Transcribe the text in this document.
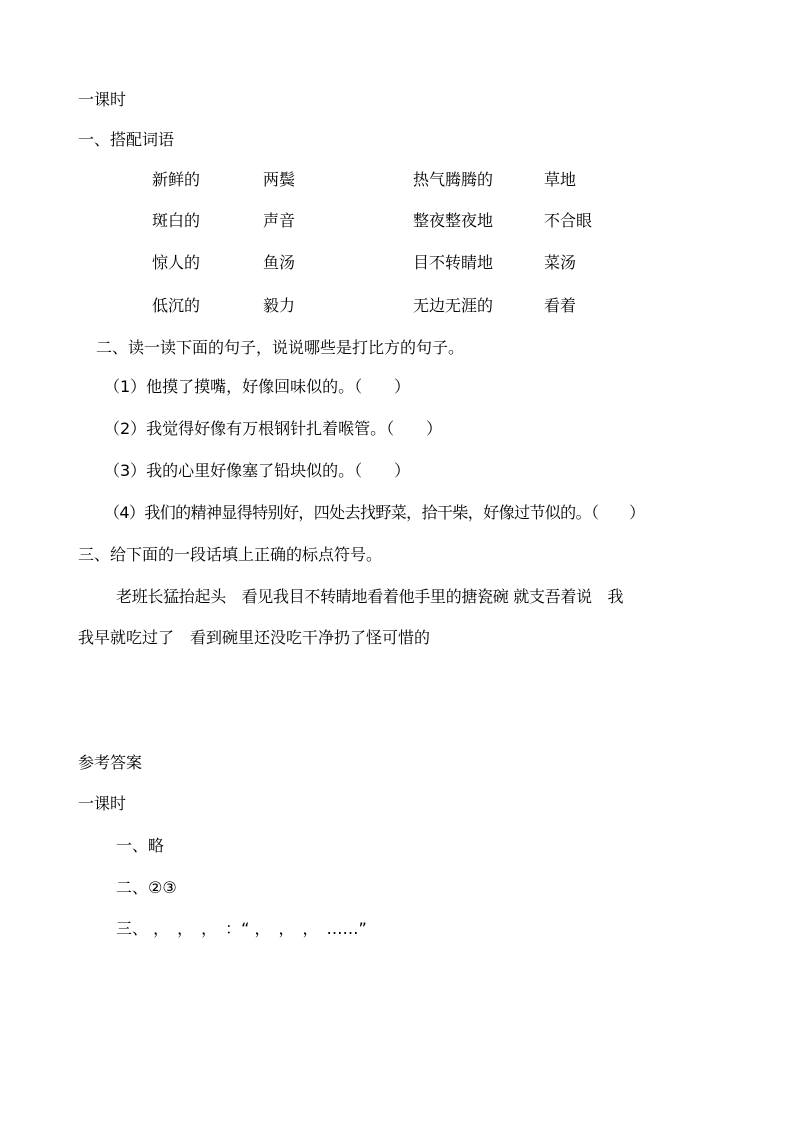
一课时
一、搭配词语
新鲜的	两鬓	热气腾腾的	草地
斑白的	声音	整夜整夜地	不合眼
惊人的	鱼汤	目不转睛地	菜汤
低沉的	毅力	无边无涯的	看着
二、读一读下面的句子，说说哪些是打比方的句子。
（1）他摸了摸嘴，好像回味似的。（　　）
（2）我觉得好像有万根钢针扎着喉管。（　　）
（3）我的心里好像塞了铅块似的。（　　）
（4）我们的精神显得特别好，四处去找野菜，拾干柴，好像过节似的。（　　）
三、给下面的一段话填上正确的标点符号。
老班长猛抬起头　看见我目不转睛地看着他手里的搪瓷碗 就支吾着说　我
我早就吃过了　看到碗里还没吃干净扔了怪可惜的
参考答案
一课时
一、略
二、②③
三、 ，　，　，　：“ ，　，　，　……”
